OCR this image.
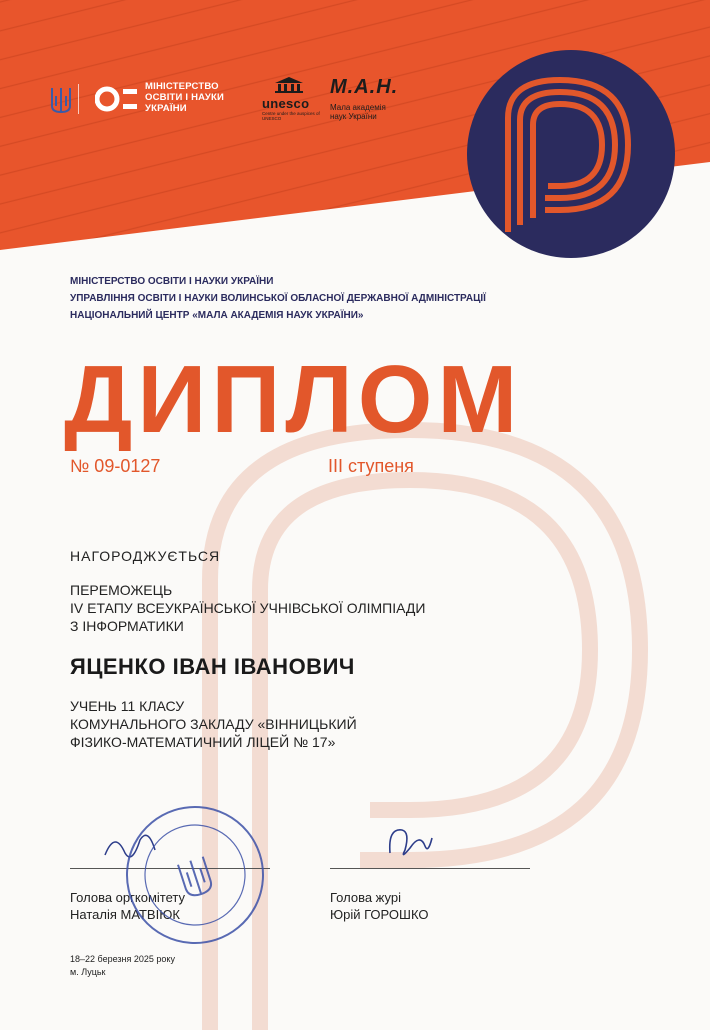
МІНІСТЕРСТВО
ОСВІТИ І НАУКИ
УКРАЇНИ	unesco
Centre under the auspices of UNESCO
М.А.Н.
Мала академія
наук України
МІНІСТЕРСТВО ОСВІТИ І НАУКИ УКРАЇНИ
УПРАВЛІННЯ ОСВІТИ І НАУКИ ВОЛИНСЬКОЇ ОБЛАСНОЇ ДЕРЖАВНОЇ АДМІНІСТРАЦІЇ
НАЦІОНАЛЬНИЙ ЦЕНТР «МАЛА АКАДЕМІЯ НАУК УКРАЇНИ»
ДИПЛОМ
№ 09-0127	ІІІ ступеня
НАГОРОДЖУЄТЬСЯ
ПЕРЕМОЖЕЦЬ
IV ЕТАПУ ВСЕУКРАЇНСЬКОЇ УЧНІВСЬКОЇ ОЛІМПІАДИ
З ІНФОРМАТИКИ
ЯЦЕНКО ІВАН ІВАНОВИЧ
УЧЕНЬ 11 КЛАСУ
КОМУНАЛЬНОГО ЗАКЛАДУ «ВІННИЦЬКИЙ
ФІЗИКО-МАТЕМАТИЧНИЙ ЛІЦЕЙ № 17»
Голова оргкомітету
Наталія МАТВІЮК
Голова журі
Юрій ГОРОШКО
18–22 березня 2025 року
м. Луцьк
